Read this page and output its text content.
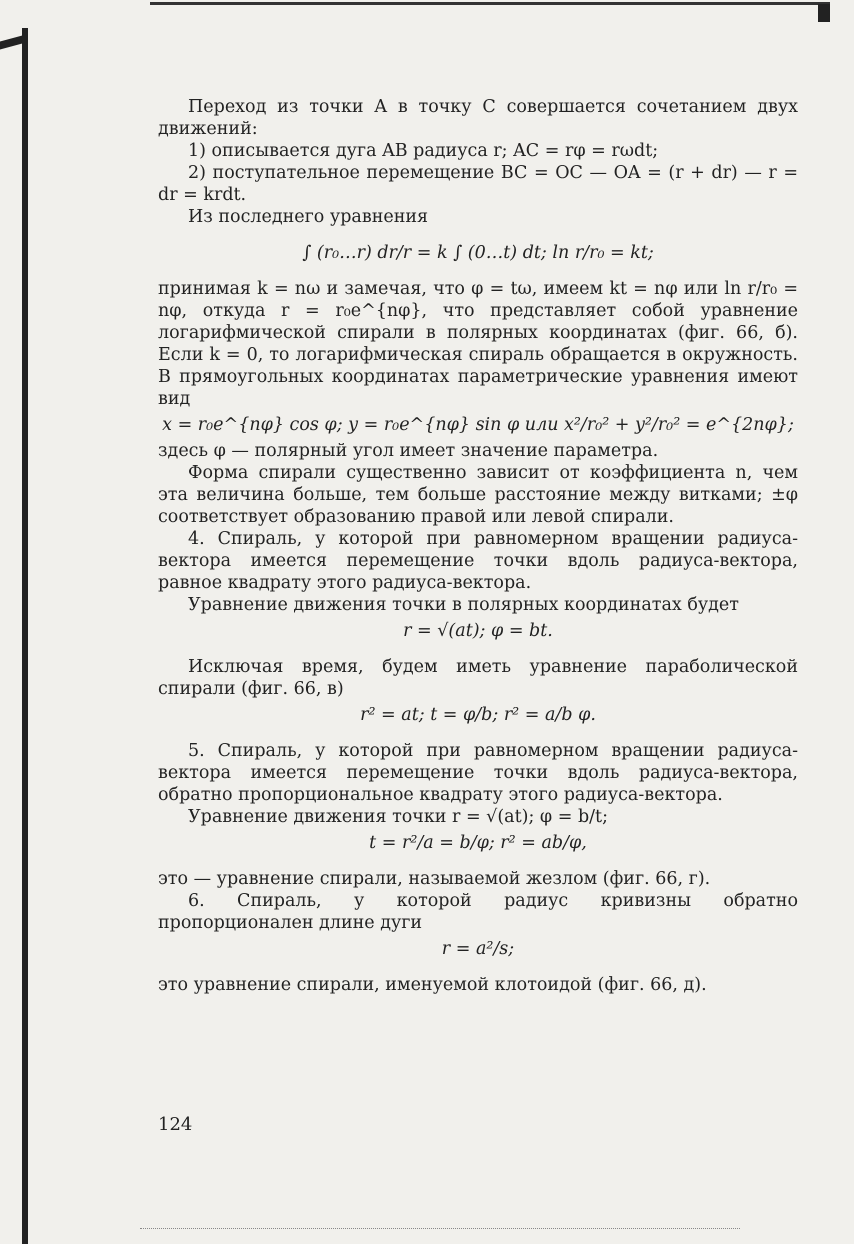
Переход из точки A в точку C совершается сочетанием двух движений:

1) описывается дуга AB радиуса r; AC = rφ = rωdt;

2) поступательное перемещение BC = OC — OA = (r + dr) — r = dr = krdt.

Из последнего уравнения

∫ (r₀…r) dr/r = k ∫ (0…t) dt; ln r/r₀ = kt;

принимая k = nω и замечая, что φ = tω, имеем kt = nφ или ln r/r₀ = nφ, откуда r = r₀e^{nφ}, что представляет собой уравнение логарифмической спирали в полярных координатах (фиг. 66, б). Если k = 0, то логарифмическая спираль обращается в окружность. В прямоугольных координатах параметрические уравнения имеют вид

x = r₀e^{nφ} cos φ; y = r₀e^{nφ} sin φ или x²/r₀² + y²/r₀² = e^{2nφ};

здесь φ — полярный угол имеет значение параметра.

Форма спирали существенно зависит от коэффициента n, чем эта величина больше, тем больше расстояние между витками; ±φ соответствует образованию правой или левой спирали.

4. Спираль, у которой при равномерном вращении радиуса-вектора имеется перемещение точки вдоль радиуса-вектора, равное квадрату этого радиуса-вектора.

Уравнение движения точки в полярных координатах будет

r = √(at); φ = bt.

Исключая время, будем иметь уравнение параболической спирали (фиг. 66, в)

r² = at; t = φ/b; r² = a/b φ.

5. Спираль, у которой при равномерном вращении радиуса-вектора имеется перемещение точки вдоль радиуса-вектора, обратно пропорциональное квадрату этого радиуса-вектора.

Уравнение движения точки r = √(at); φ = b/t;

t = r²/a = b/φ; r² = ab/φ,

это — уравнение спирали, называемой жезлом (фиг. 66, г).

6. Спираль, у которой радиус кривизны обратно пропорционален длине дуги

r = a²/s;

это уравнение спирали, именуемой клотоидой (фиг. 66, д).

124
